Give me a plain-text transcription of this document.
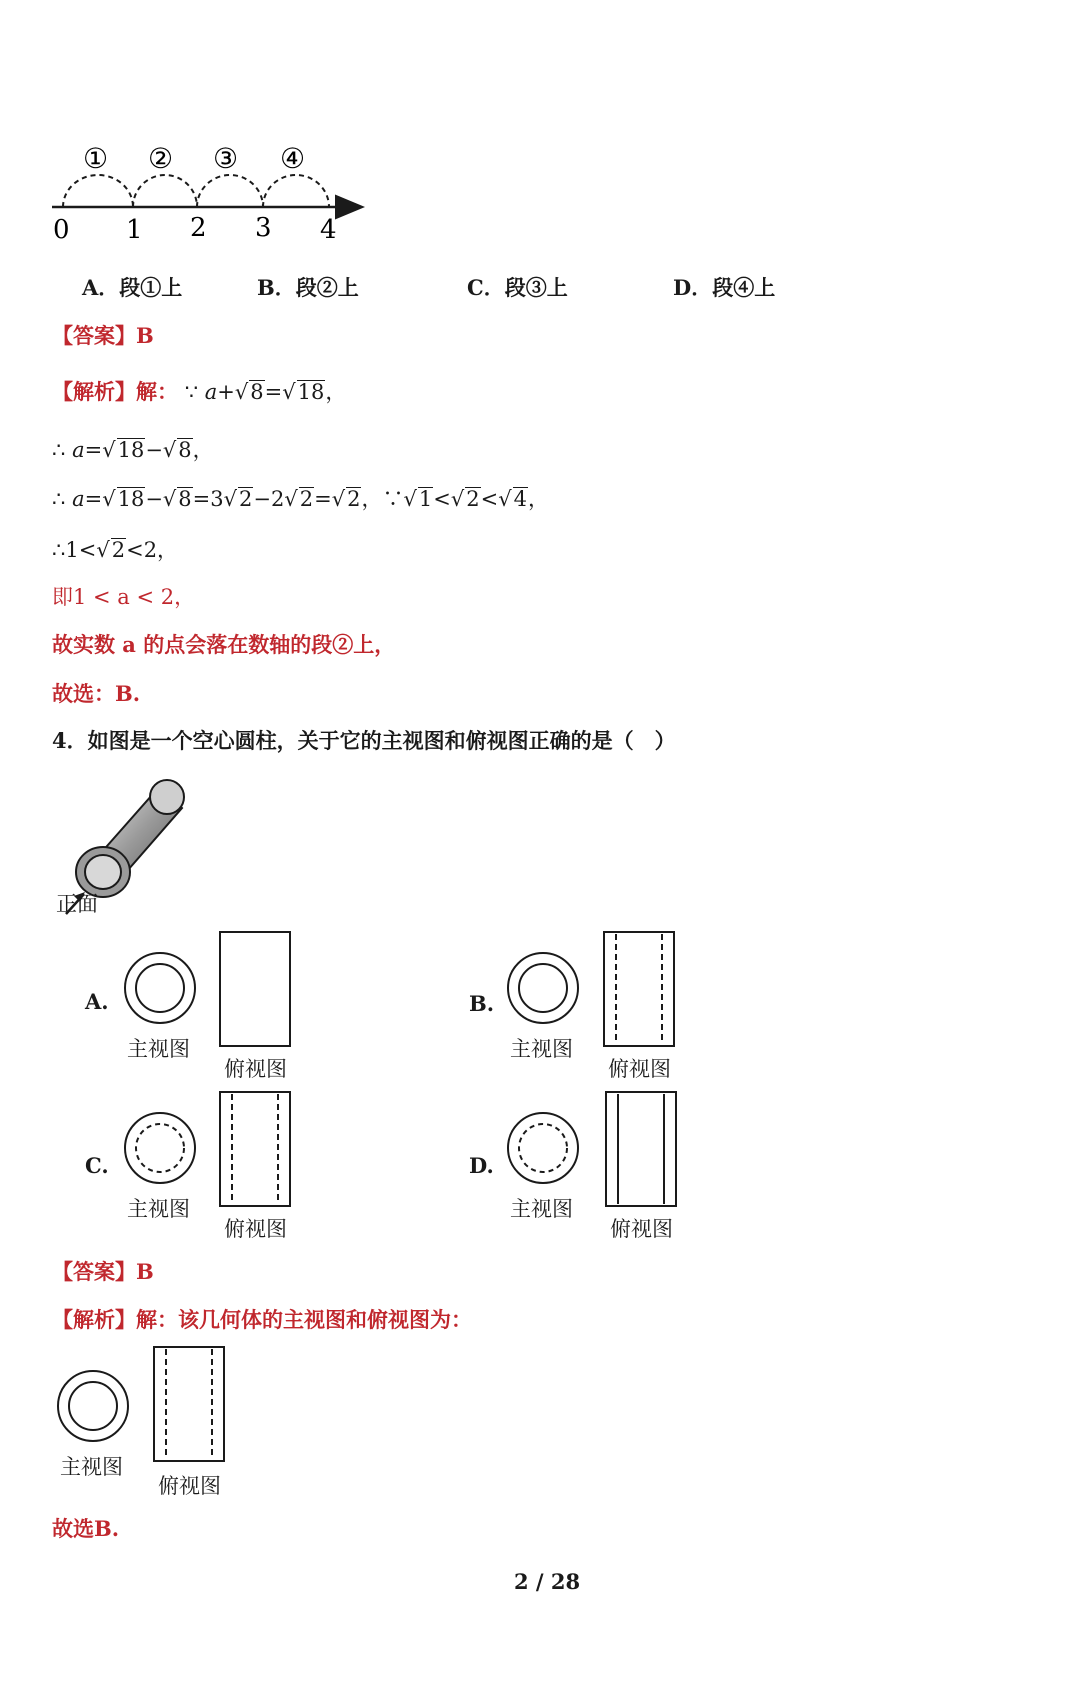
0 1 2 3 4
① ② ③ ④
A．段①上	B．段②上	C．段③上	D．段④上
【答案】B
【解析】解： ∵ a+√8=√18，
∴ a=√18−√8，
∴ a=√18−√8=3√2−2√2=√2，∵√1<√2<√4，
∴1<√2<2，
即1 < a < 2，
故实数 a 的点会落在数轴的段②上，
故选：B.
4．如图是一个空心圆柱，关于它的主视图和俯视图正确的是（　）
正面
A.
主视图
俯视图
B.
主视图
俯视图
C.
主视图
俯视图
D.
主视图
俯视图
【答案】B
【解析】解：该几何体的主视图和俯视图为：
主视图
俯视图
故选B.
2 / 28
